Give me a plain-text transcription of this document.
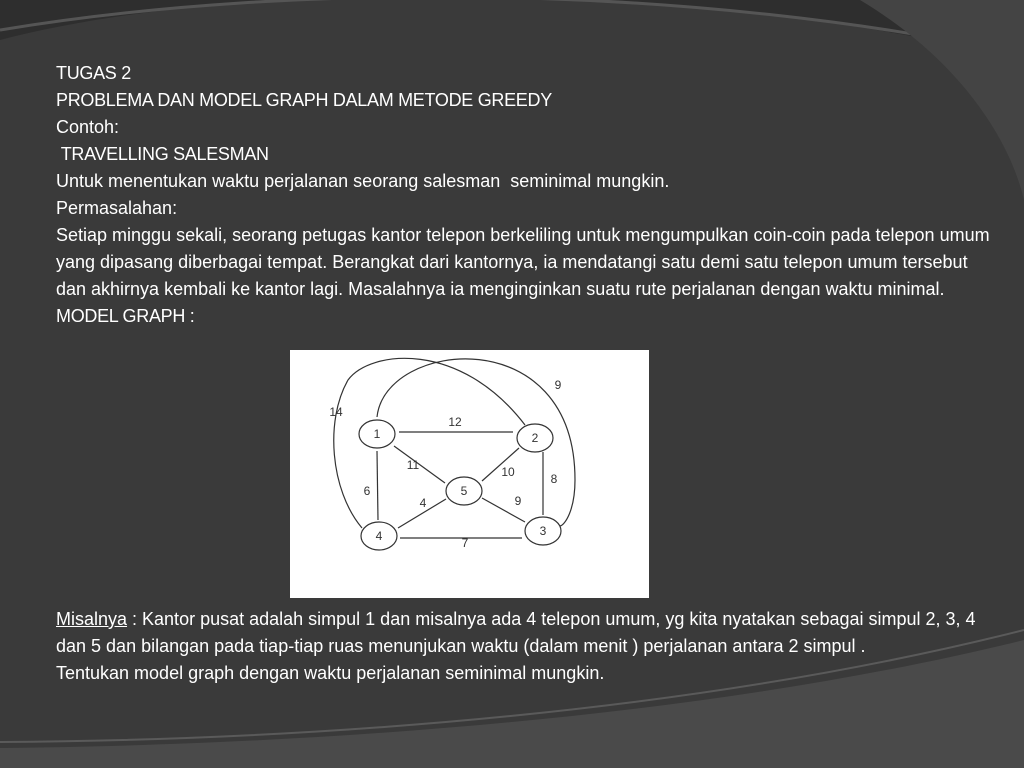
TUGAS 2
PROBLEMA DAN MODEL GRAPH DALAM METODE GREEDY
Contoh:
TRAVELLING SALESMAN
Untuk menentukan waktu perjalanan seorang salesman  seminimal mungkin.
Permasalahan:
Setiap minggu sekali, seorang petugas kantor telepon berkeliling untuk mengumpulkan coin-coin pada telepon umum yang dipasang diberbagai tempat. Berangkat dari kantornya, ia mendatangi satu demi satu telepon umum tersebut dan akhirnya kembali ke kantor lagi. Masalahnya ia menginginkan suatu rute perjalanan dengan waktu minimal.
MODEL GRAPH :
12
9
6
11
8
14
10
7
9
4
1	2
3
4
5
Misalnya : Kantor pusat adalah simpul 1 dan misalnya ada 4 telepon umum, yg kita nyatakan sebagai simpul 2, 3, 4 dan 5 dan bilangan pada tiap-tiap ruas menunjukan waktu (dalam menit ) perjalanan antara 2 simpul .
Tentukan model graph dengan waktu perjalanan seminimal mungkin.
